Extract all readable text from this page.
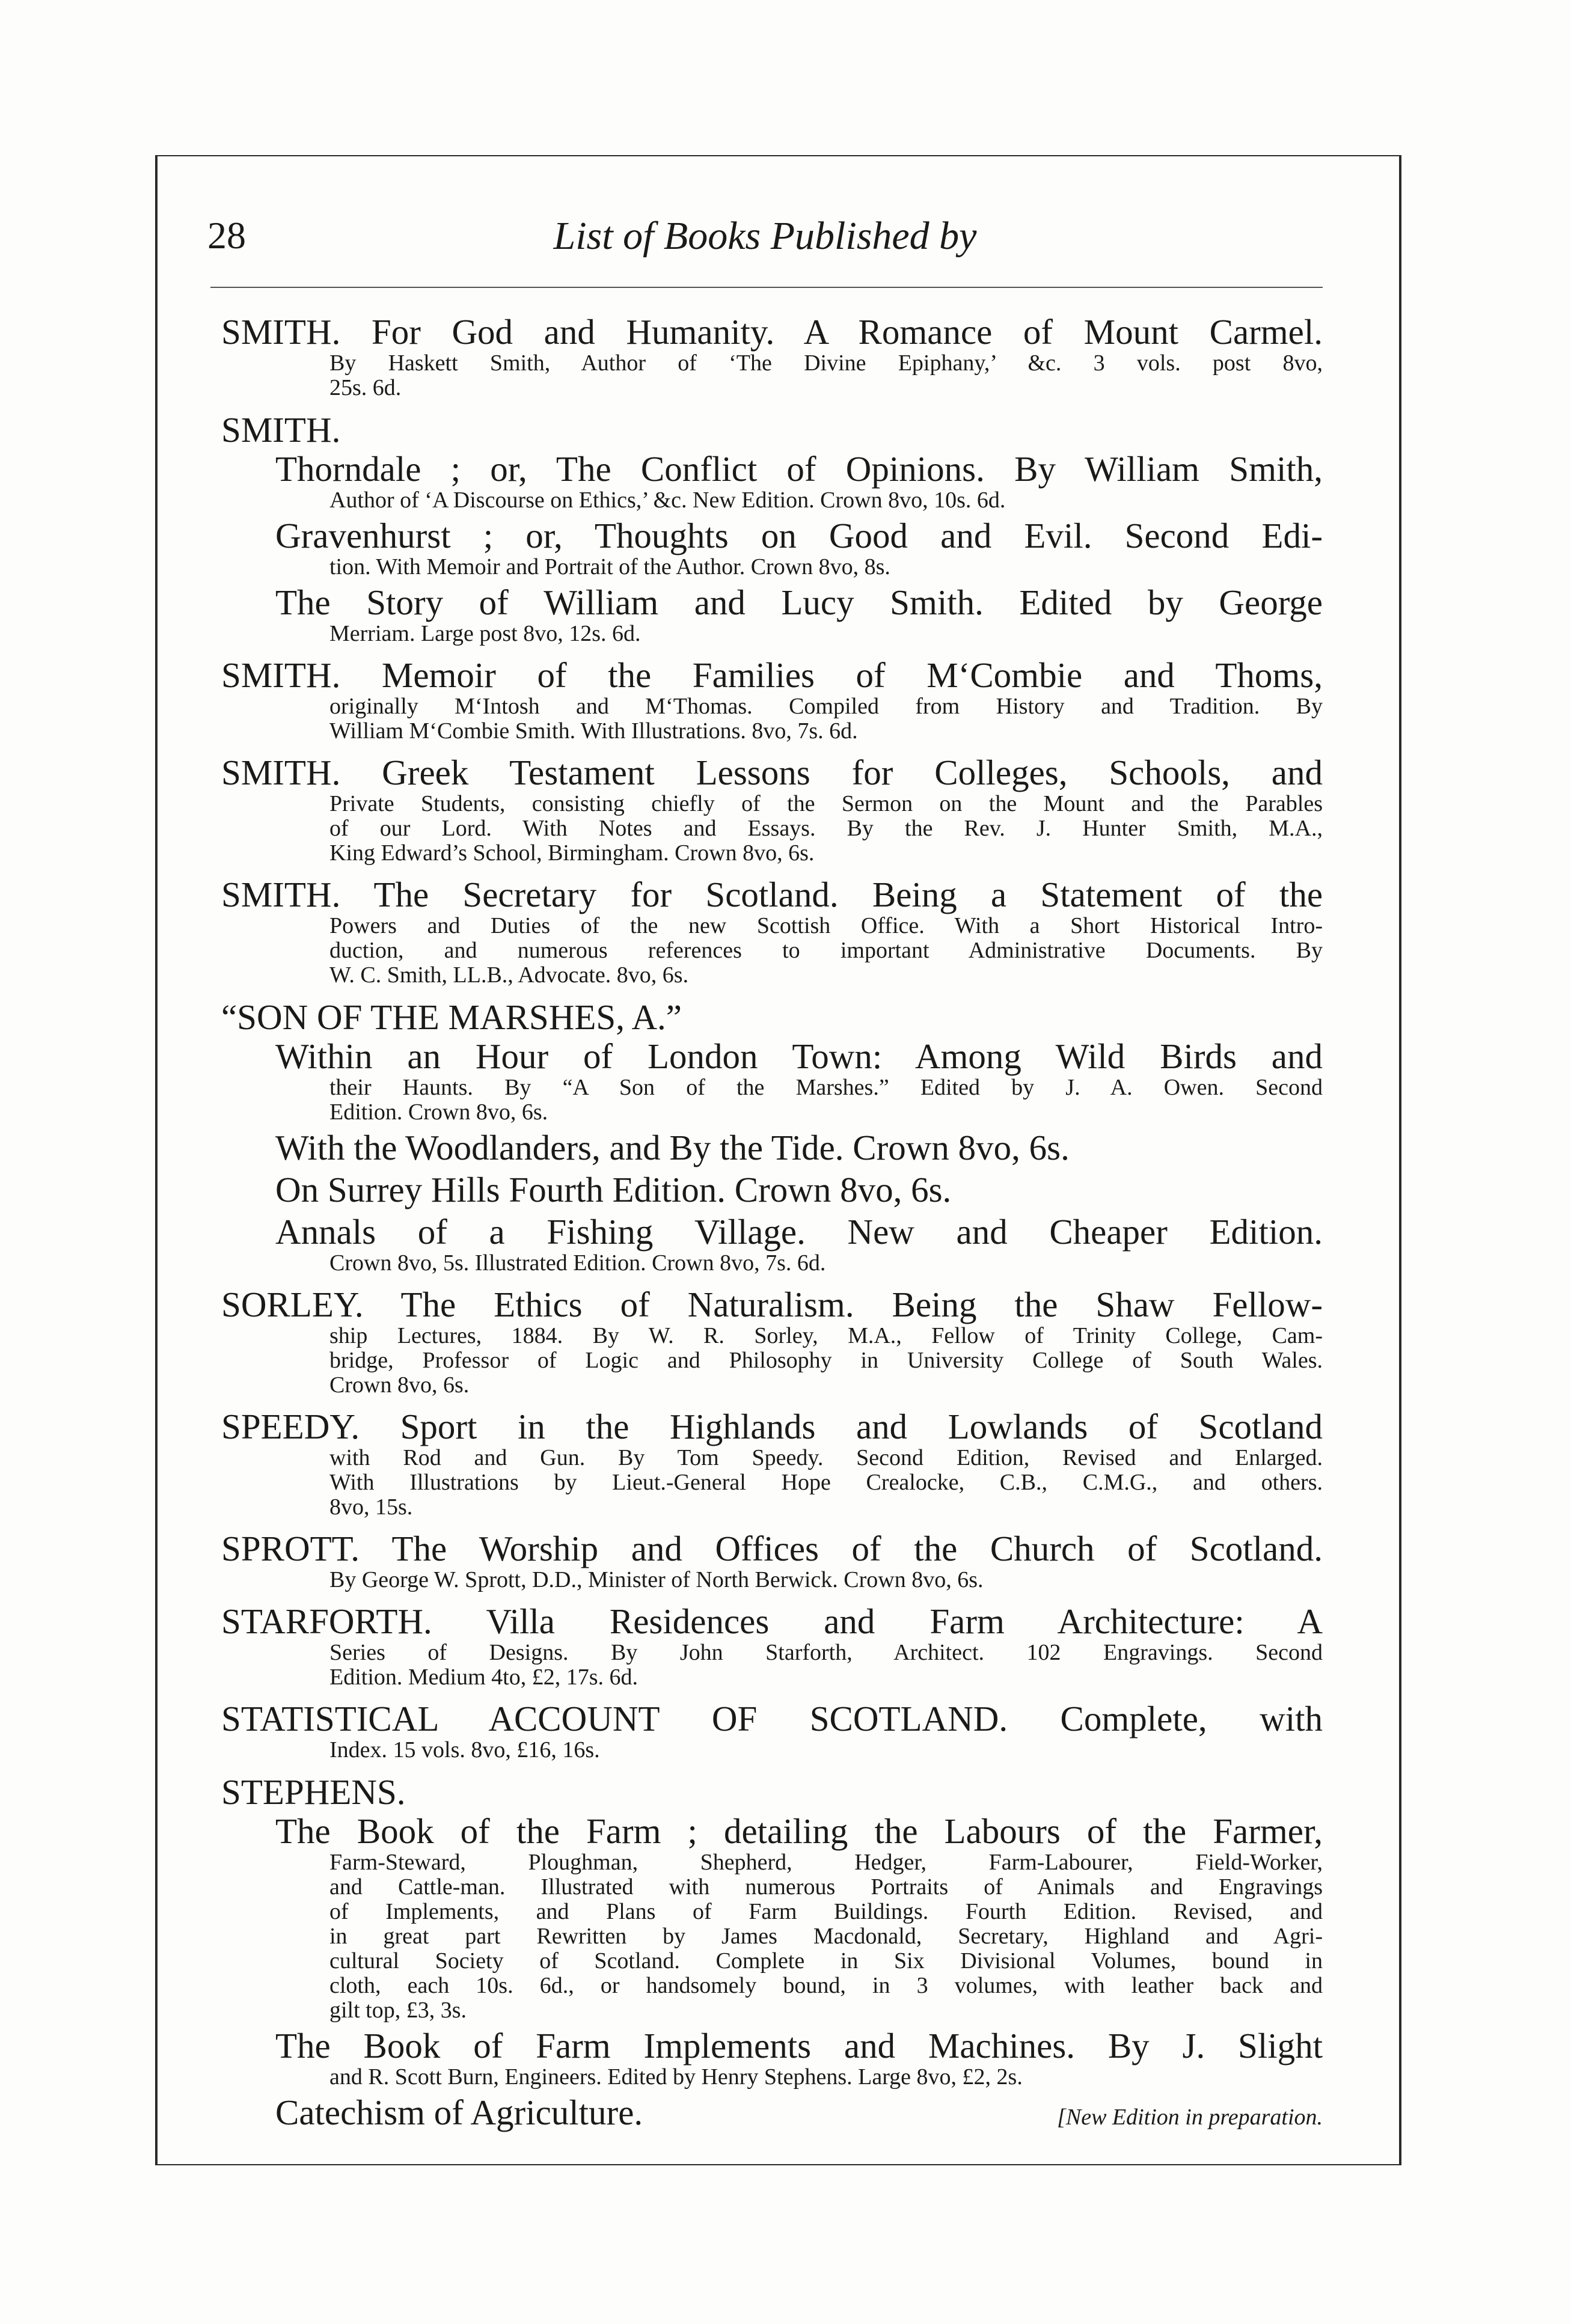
28	List of Books Published by
SMITH. For God and Humanity. A Romance of Mount Carmel.
By Haskett Smith, Author of ‘The Divine Epiphany,’ &c. 3 vols. post 8vo,
25s. 6d.
SMITH.
Thorndale ; or, The Conflict of Opinions. By William Smith,
Author of ‘A Discourse on Ethics,’ &c. New Edition. Crown 8vo, 10s. 6d.
Gravenhurst ; or, Thoughts on Good and Evil. Second Edi-
tion. With Memoir and Portrait of the Author. Crown 8vo, 8s.
The Story of William and Lucy Smith. Edited by George
Merriam. Large post 8vo, 12s. 6d.
SMITH. Memoir of the Families of M‘Combie and Thoms,
originally M‘Intosh and M‘Thomas. Compiled from History and Tradition. By
William M‘Combie Smith. With Illustrations. 8vo, 7s. 6d.
SMITH. Greek Testament Lessons for Colleges, Schools, and
Private Students, consisting chiefly of the Sermon on the Mount and the Parables
of our Lord. With Notes and Essays. By the Rev. J. Hunter Smith, M.A.,
King Edward’s School, Birmingham. Crown 8vo, 6s.
SMITH. The Secretary for Scotland. Being a Statement of the
Powers and Duties of the new Scottish Office. With a Short Historical Intro-
duction, and numerous references to important Administrative Documents. By
W. C. Smith, LL.B., Advocate. 8vo, 6s.
“SON OF THE MARSHES, A.”
Within an Hour of London Town: Among Wild Birds and
their Haunts. By “A Son of the Marshes.” Edited by J. A. Owen. Second
Edition. Crown 8vo, 6s.
With the Woodlanders, and By the Tide. Crown 8vo, 6s.
On Surrey Hills Fourth Edition. Crown 8vo, 6s.
Annals of a Fishing Village. New and Cheaper Edition.
Crown 8vo, 5s. Illustrated Edition. Crown 8vo, 7s. 6d.
SORLEY. The Ethics of Naturalism. Being the Shaw Fellow-
ship Lectures, 1884. By W. R. Sorley, M.A., Fellow of Trinity College, Cam-
bridge, Professor of Logic and Philosophy in University College of South Wales.
Crown 8vo, 6s.
SPEEDY. Sport in the Highlands and Lowlands of Scotland
with Rod and Gun. By Tom Speedy. Second Edition, Revised and Enlarged.
With Illustrations by Lieut.-General Hope Crealocke, C.B., C.M.G., and others.
8vo, 15s.
SPROTT. The Worship and Offices of the Church of Scotland.
By George W. Sprott, D.D., Minister of North Berwick. Crown 8vo, 6s.
STARFORTH. Villa Residences and Farm Architecture: A
Series of Designs. By John Starforth, Architect. 102 Engravings. Second
Edition. Medium 4to, £2, 17s. 6d.
STATISTICAL ACCOUNT OF SCOTLAND. Complete, with
Index. 15 vols. 8vo, £16, 16s.
STEPHENS.
The Book of the Farm ; detailing the Labours of the Farmer,
Farm-Steward, Ploughman, Shepherd, Hedger, Farm-Labourer, Field-Worker,
and Cattle-man. Illustrated with numerous Portraits of Animals and Engravings
of Implements, and Plans of Farm Buildings. Fourth Edition. Revised, and
in great part Rewritten by James Macdonald, Secretary, Highland and Agri-
cultural Society of Scotland. Complete in Six Divisional Volumes, bound in
cloth, each 10s. 6d., or handsomely bound, in 3 volumes, with leather back and
gilt top, £3, 3s.
The Book of Farm Implements and Machines. By J. Slight
and R. Scott Burn, Engineers. Edited by Henry Stephens. Large 8vo, £2, 2s.
Catechism of Agriculture.	[New Edition in preparation.
